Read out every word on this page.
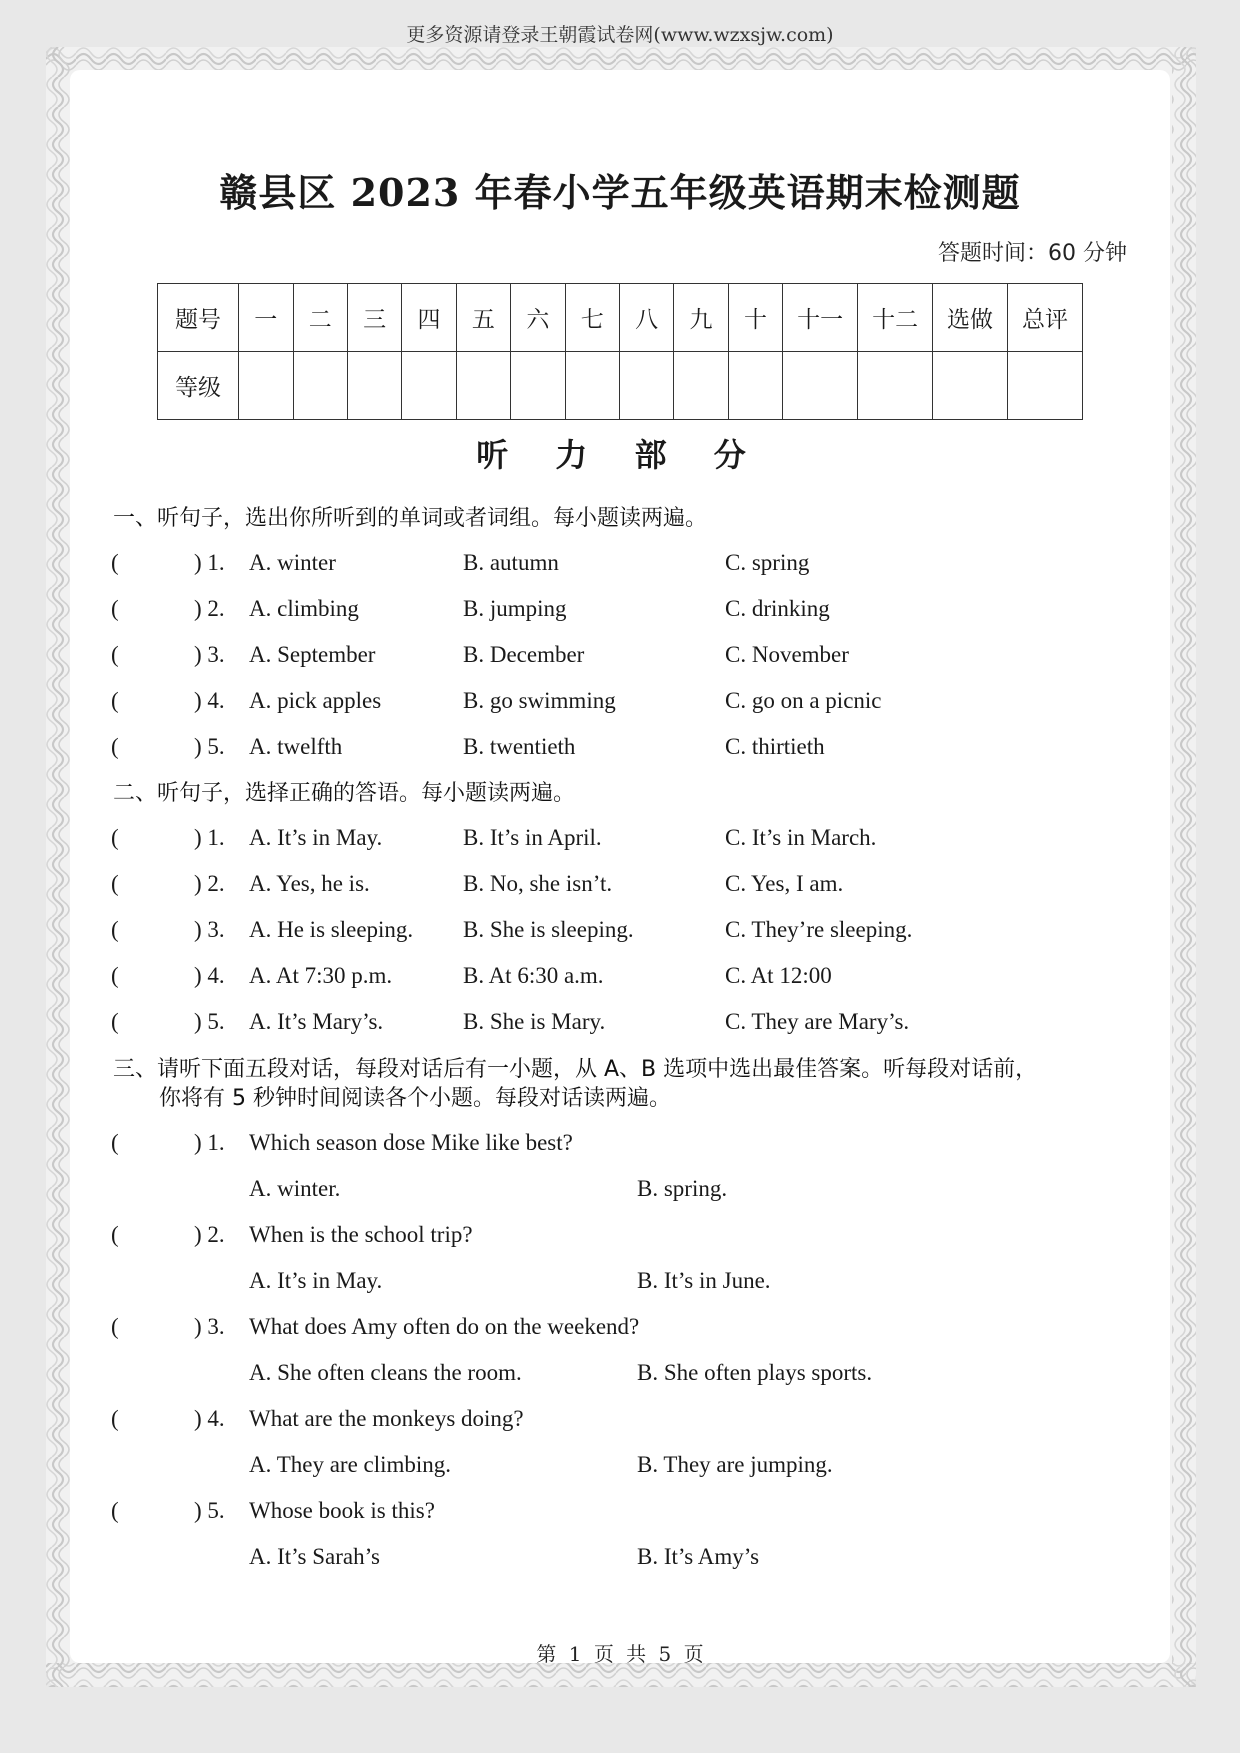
更多资源请登录王朝霞试卷网(www.wzxsjw.com)
赣县区 2023 年春小学五年级英语期末检测题
答题时间：60 分钟
题号	一	二	三	四	五	六	七	八	九	十	十一	十二	选做	总评
等级														
听 力 部 分
一、听句子，选出你所听到的单词或者词组。每小题读两遍。
(	) 1. A. winter	B. autumn	C. spring
(	) 2. A. climbing	B. jumping	C. drinking
(	) 3. A. September	B. December	C. November
(	) 4. A. pick apples	B. go swimming	C. go on a picnic
(	) 5. A. twelfth	B. twentieth	C. thirtieth
二、听句子，选择正确的答语。每小题读两遍。
(	) 1. A. It’s in May.	B. It’s in April.	C. It’s in March.
(	) 2. A. Yes, he is.	B. No, she isn’t.	C. Yes, I am.
(	) 3. A. He is sleeping. B. She is sleeping.	C. They’re sleeping.
(	) 4. A. At 7:30 p.m.	B. At 6:30 a.m.	C. At 12:00
(	) 5. A. It’s Mary’s.	B. She is Mary.	C. They are Mary’s.
三、请听下面五段对话，每段对话后有一小题，从 A、B 选项中选出最佳答案。听每段对话前，
你将有 5 秒钟时间阅读各个小题。每段对话读两遍。
(	) 1. Which season dose Mike like best?
A. winter.	B. spring.
(	) 2. When is the school trip?
A. It’s in May.	B. It’s in June.
(	) 3. What does Amy often do on the weekend?
A. She often cleans the room.	B. She often plays sports.
(	) 4. What are the monkeys doing?
A. They are climbing.	B. They are jumping.
(	) 5. Whose book is this?
A. It’s Sarah’s	B. It’s Amy’s
第 1 页 共 5 页
